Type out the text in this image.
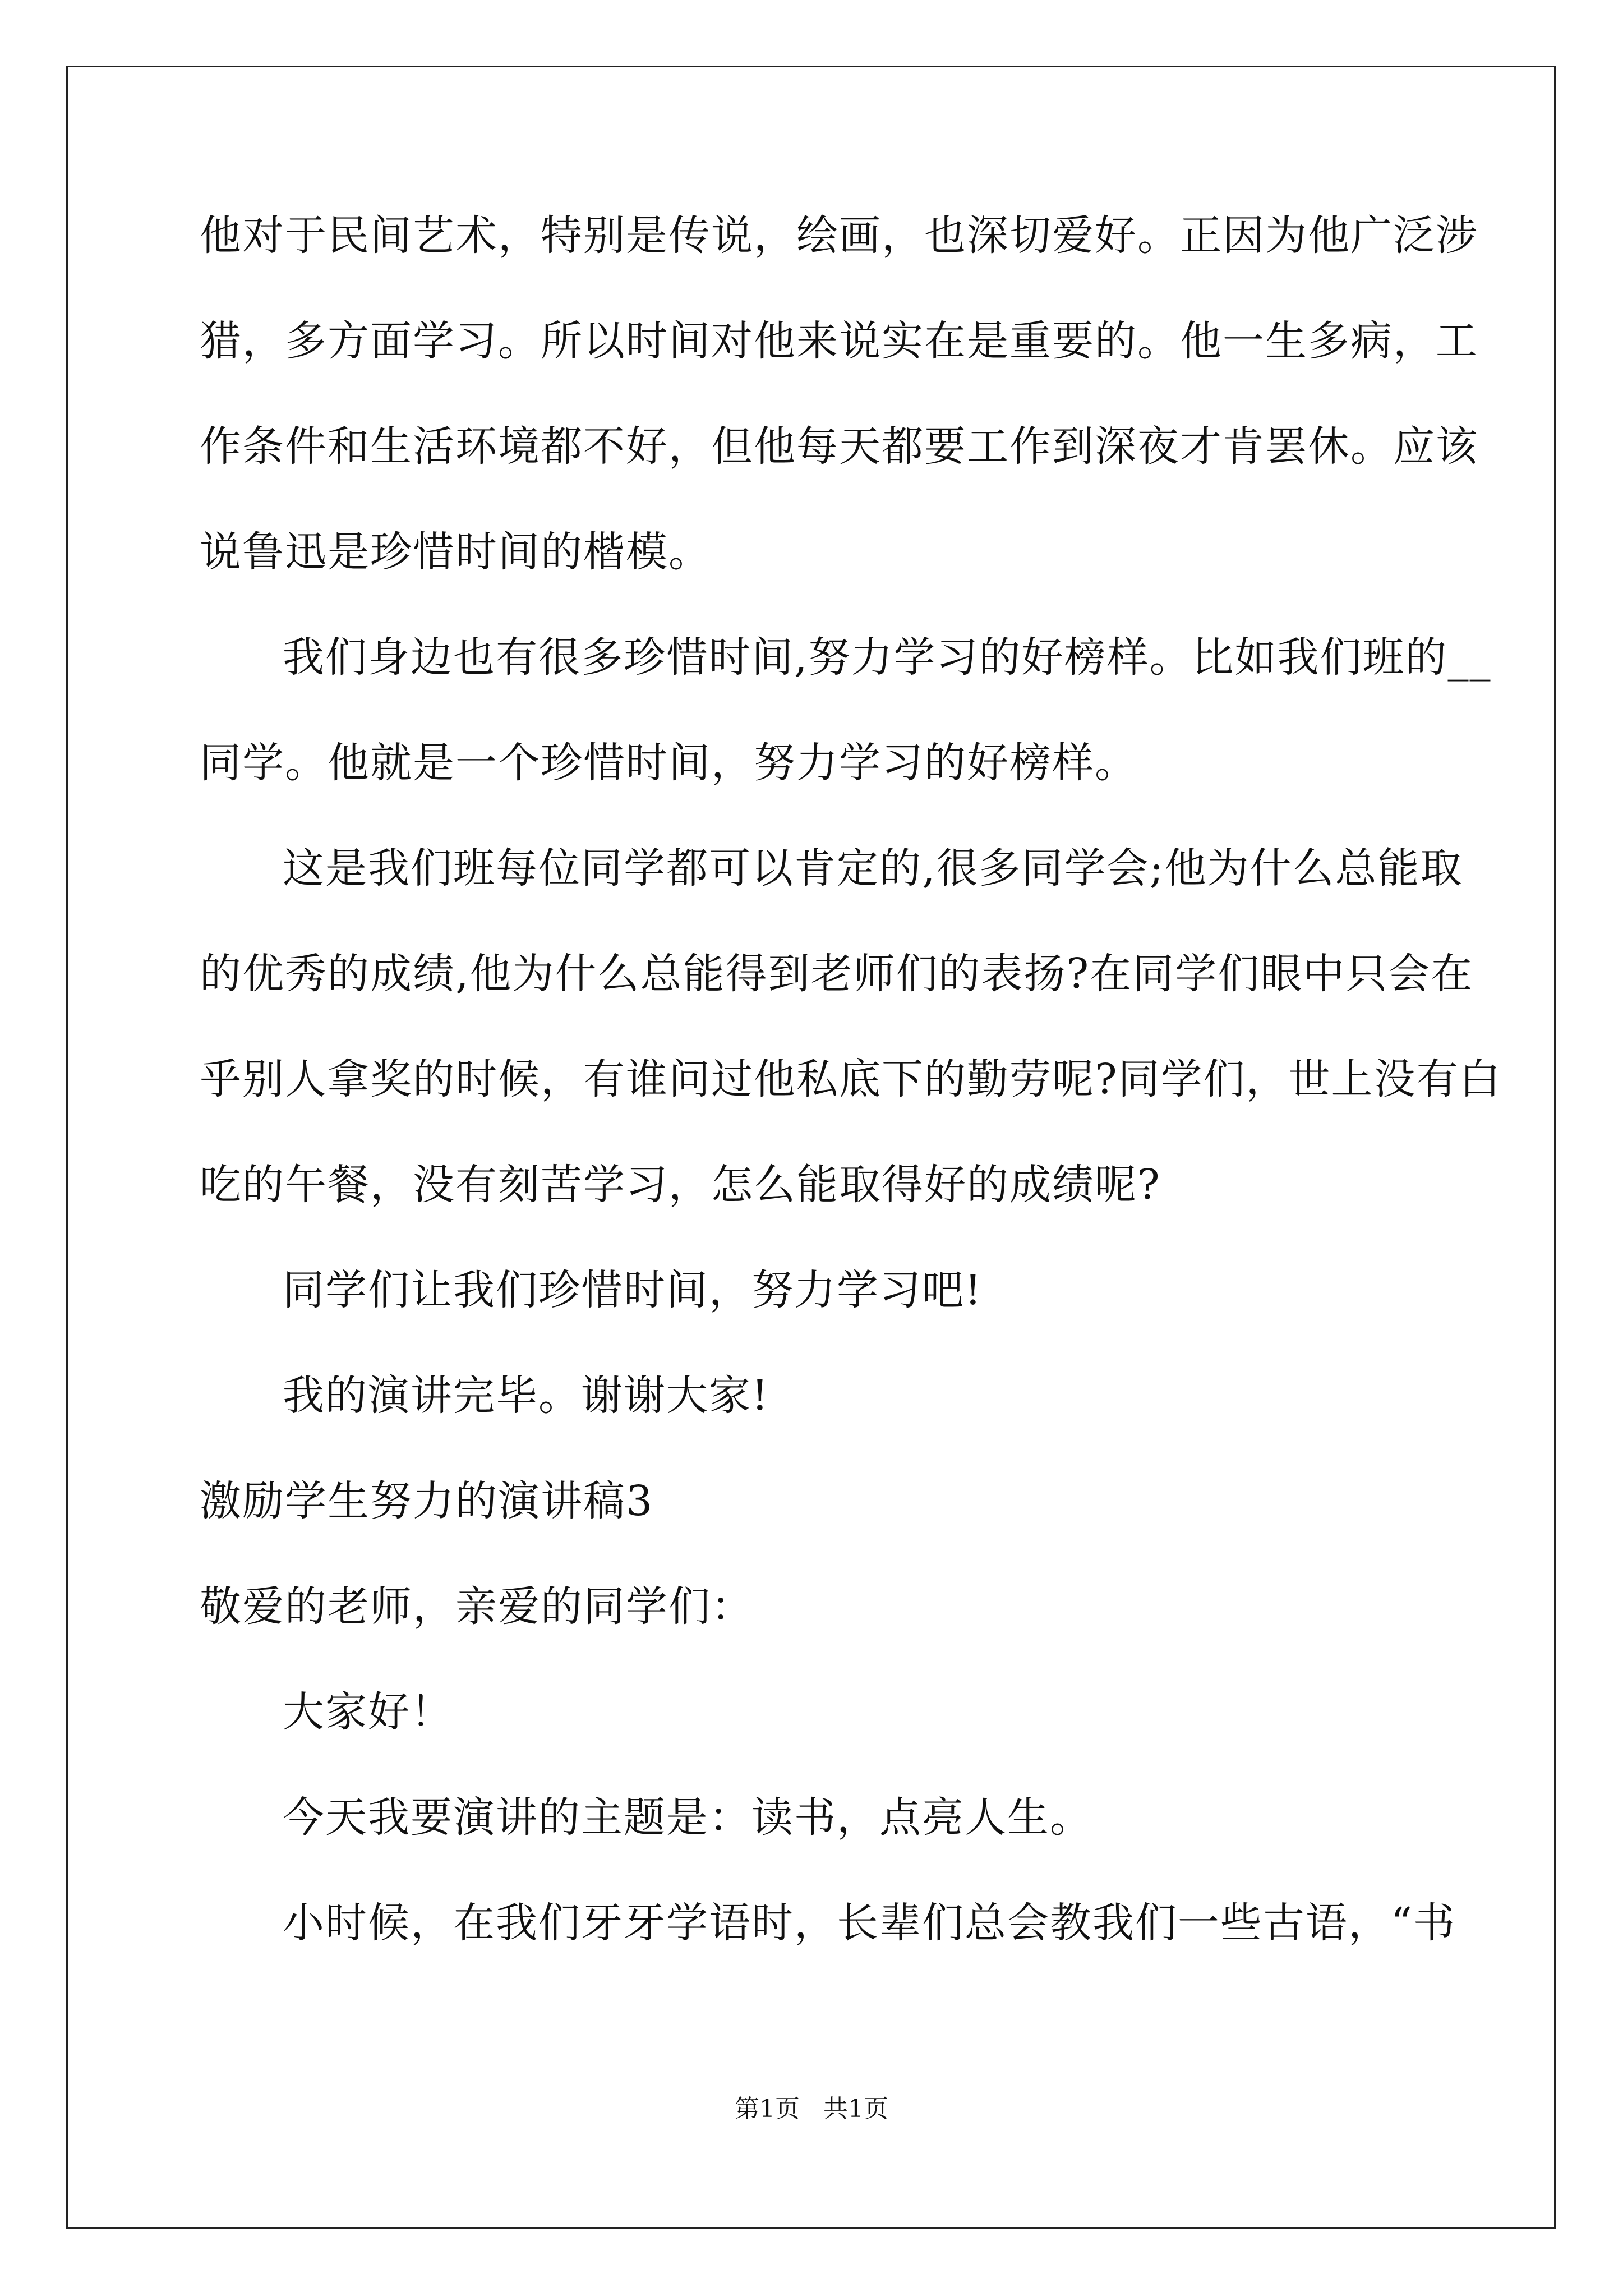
他对于民间艺术，特别是传说，绘画，也深切爱好。正因为他广泛涉
猎，多方面学习。所以时间对他来说实在是重要的。他一生多病，工
作条件和生活环境都不好，但他每天都要工作到深夜才肯罢休。应该
说鲁迅是珍惜时间的楷模。
我们身边也有很多珍惜时间,努力学习的好榜样。比如我们班的__
同学。他就是一个珍惜时间，努力学习的好榜样。
这是我们班每位同学都可以肯定的,很多同学会;他为什么总能取
的优秀的成绩,他为什么总能得到老师们的表扬?在同学们眼中只会在
乎别人拿奖的时候，有谁问过他私底下的勤劳呢?同学们，世上没有白
吃的午餐，没有刻苦学习，怎么能取得好的成绩呢?
同学们让我们珍惜时间，努力学习吧!
我的演讲完毕。谢谢大家!
激励学生努力的演讲稿3
敬爱的老师，亲爱的同学们：
大家好！
今天我要演讲的主题是：读书，点亮人生。
小时候，在我们牙牙学语时，长辈们总会教我们一些古语，“书
第1页 共1页
